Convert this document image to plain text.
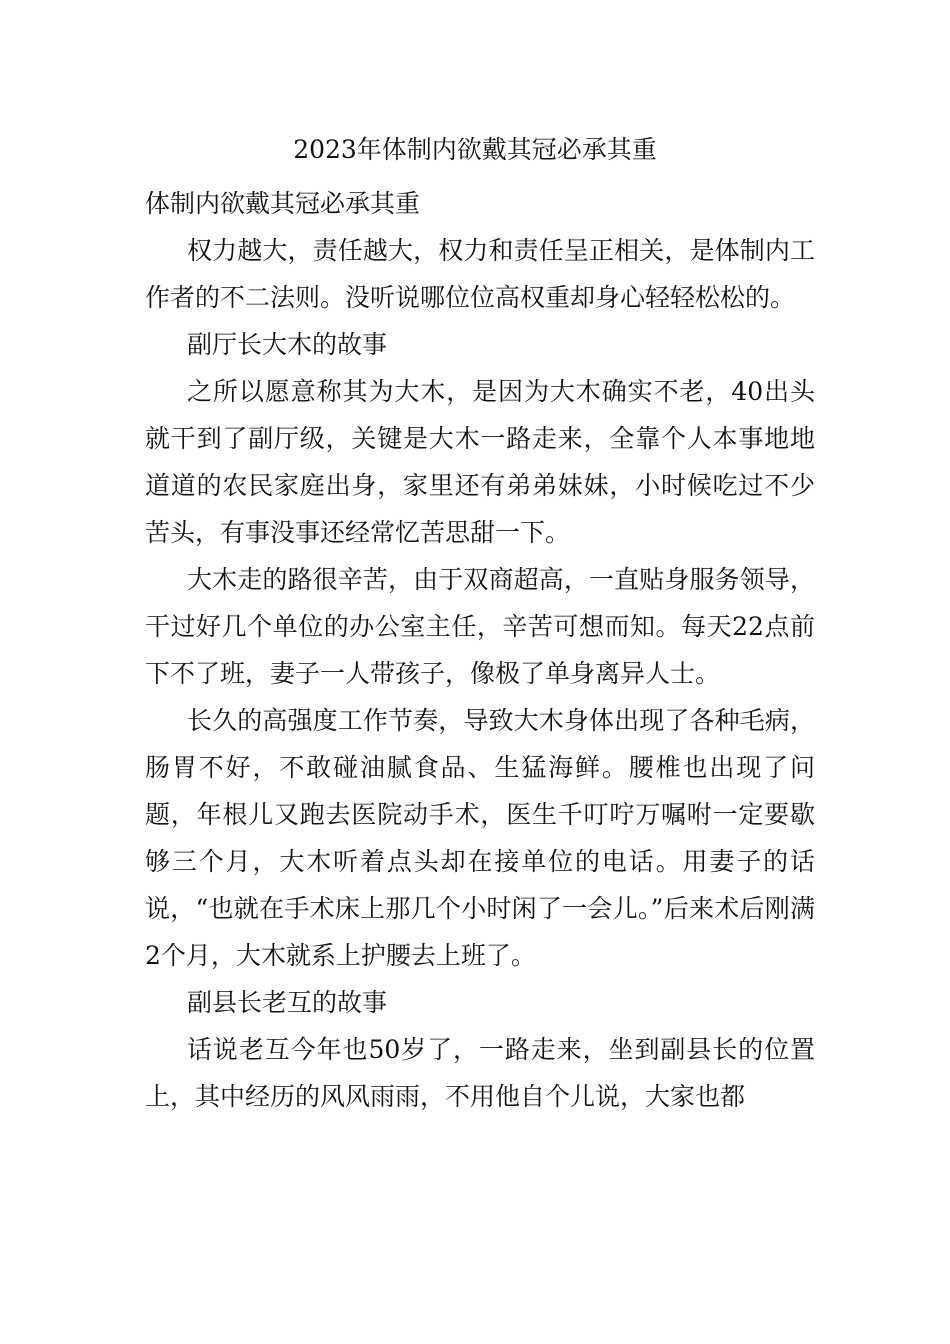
2023年体制内欲戴其冠必承其重

体制内欲戴其冠必承其重

权力越大，责任越大，权力和责任呈正相关，是体制内工作者的不二法则。没听说哪位位高权重却身心轻轻松松的。

副厅长大木的故事

之所以愿意称其为大木，是因为大木确实不老，40出头就干到了副厅级，关键是大木一路走来，全靠个人本事地地道道的农民家庭出身，家里还有弟弟妹妹，小时候吃过不少苦头，有事没事还经常忆苦思甜一下。

大木走的路很辛苦，由于双商超高，一直贴身服务领导，干过好几个单位的办公室主任，辛苦可想而知。每天22点前下不了班，妻子一人带孩子，像极了单身离异人士。

长久的高强度工作节奏，导致大木身体出现了各种毛病，肠胃不好，不敢碰油腻食品、生猛海鲜。腰椎也出现了问题，年根儿又跑去医院动手术，医生千叮咛万嘱咐一定要歇够三个月，大木听着点头却在接单位的电话。用妻子的话说，“也就在手术床上那几个小时闲了一会儿。”后来术后刚满2个月，大木就系上护腰去上班了。

副县长老互的故事

话说老互今年也50岁了，一路走来，坐到副县长的位置上，其中经历的风风雨雨，不用他自个儿说，大家也都
